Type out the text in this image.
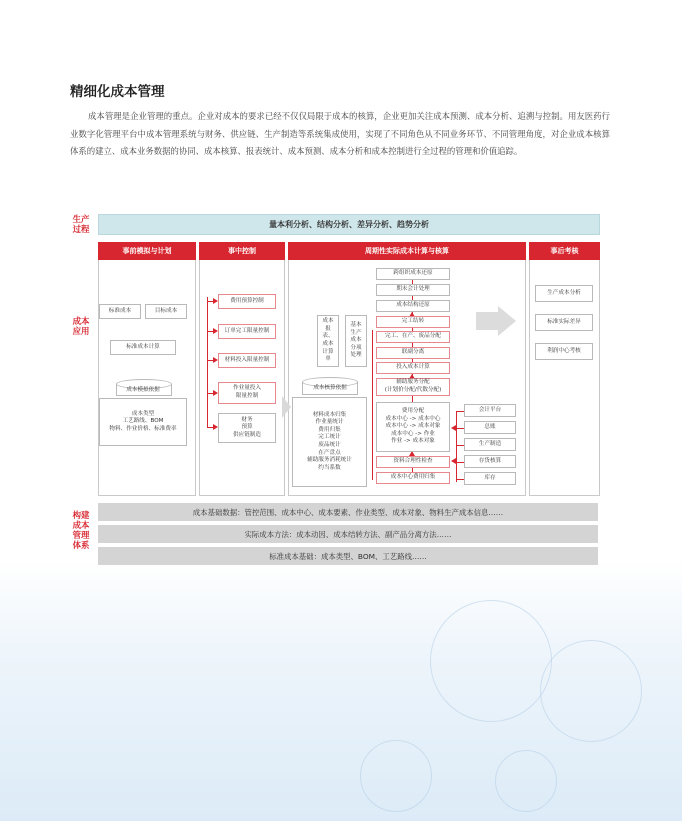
精细化成本管理
成本管理是企业管理的重点。企业对成本的要求已经不仅仅局限于成本的核算，企业更加关注成本预测、成本分析、追溯与控制。用友医药行业数字化管理平台中成本管理系统与财务、供应链、生产制造等系统集成使用，实现了不同角色从不同业务环节、不同管理角度，对企业成本核算体系的建立、成本业务数据的协同、成本核算、报表统计、成本预测、成本分析和成本控制进行全过程的管理和价值追踪。
生产过程
成本应用
构建成本管理体系
量本利分析、结构分析、差异分析、趋势分析
事前模拟与计划	事中控制	周期性实际成本计算与核算	事后考核
标准成本	目标成本
标准成本计算
成本模拟依据
成本类型
工艺路线、BOM
物料、作业价格、标准费率
费用预算控制
订单完工限量控制
材料投入限量控制
作业量投入
限量控制
财务
预算
供应链制造
成本
报表、
成本
计算单
基本
生产
成本
分项
处理
成本核算依据
材料成本归集
作业量统计
费用归集
完工统计
废品统计
在产盘点
辅助服务消耗统计
约当系数
跨组织成本还原
期末会计处理
成本结构还原
完工结转
完工、在产、废品分配
联副分离
投入成本计算
辅助服务分配
(计划价分配/代数分配)
费用分配
成本中心 -> 成本中心
成本中心 -> 成本对象
成本中心 -> 作业
作业 -> 成本对象
资料合理性检查
成本中心费用归集
会计平台
总账
生产制造
存货核算
库存
生产成本分析
标准实际差异
利润中心考核
成本基础数据：管控范围、成本中心、成本要素、作业类型、成本对象、物料生产成本信息……
实际成本方法：成本动因、成本结转方法、副产品分离方法……
标准成本基础：成本类型、BOM、工艺路线……
